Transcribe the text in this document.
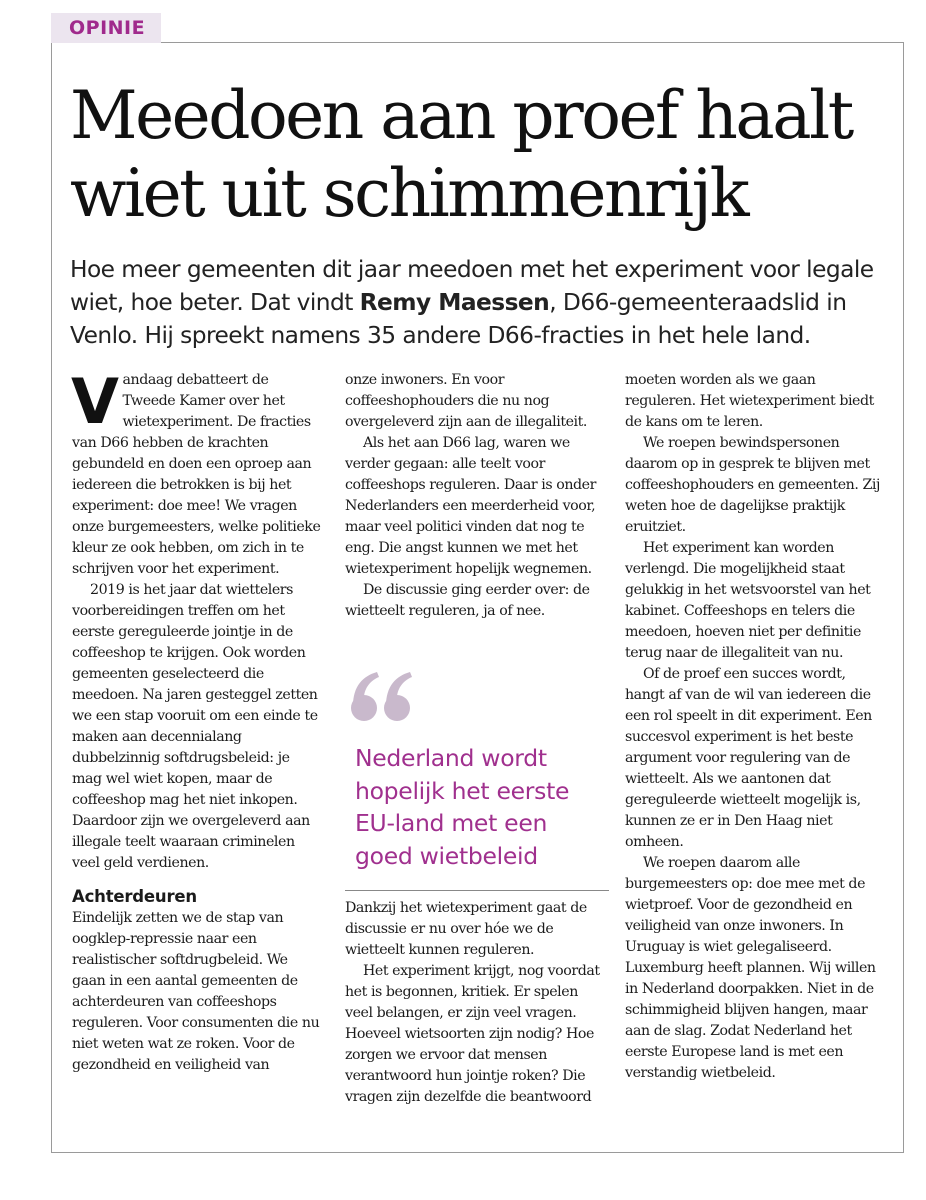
OPINIE
Meedoen aan proef haalt wiet uit schimmenrijk

Hoe meer gemeenten dit jaar meedoen met het experiment voor legale wiet, hoe beter. Dat vindt Remy Maessen, D66-gemeenteraadslid in Venlo. Hij spreekt namens 35 andere D66-fracties in het hele land.

Vandaag debatteert de Tweede Kamer over het wietexperiment. De fracties van D66 hebben de krachten gebundeld en doen een oproep aan iedereen die betrokken is bij het experiment: doe mee! We vragen onze burgemeesters, welke politieke kleur ze ook hebben, om zich in te schrijven voor het experiment.

2019 is het jaar dat wiettelers voorbereidingen treffen om het eerste gereguleerde jointje in de coffeeshop te krijgen. Ook worden gemeenten geselecteerd die meedoen. Na jaren gesteggel zetten we een stap vooruit om een einde te maken aan decennialang dubbelzinnig softdrugsbeleid: je mag wel wiet kopen, maar de coffeeshop mag het niet inkopen. Daardoor zijn we overgeleverd aan illegale teelt waaraan criminelen veel geld verdienen.

Achterdeuren

Eindelijk zetten we de stap van oogklep-repressie naar een realistischer softdrugbeleid. We gaan in een aantal gemeenten de achterdeuren van coffeeshops reguleren. Voor consumenten die nu niet weten wat ze roken. Voor de gezondheid en veiligheid van

onze inwoners. En voor coffeeshophouders die nu nog overgeleverd zijn aan de illegaliteit.

Als het aan D66 lag, waren we verder gegaan: alle teelt voor coffeeshops reguleren. Daar is onder Nederlanders een meerderheid voor, maar veel politici vinden dat nog te eng. Die angst kunnen we met het wietexperiment hopelijk wegnemen.

De discussie ging eerder over: de wietteelt reguleren, ja of nee.

Nederland wordt hopelijk het eerste EU-land met een goed wietbeleid

Dankzij het wietexperiment gaat de discussie er nu over hóe we de wietteelt kunnen reguleren.

Het experiment krijgt, nog voordat het is begonnen, kritiek. Er spelen veel belangen, er zijn veel vragen. Hoeveel wietsoorten zijn nodig? Hoe zorgen we ervoor dat mensen verantwoord hun jointje roken? Die vragen zijn dezelfde die beantwoord

moeten worden als we gaan reguleren. Het wietexperiment biedt de kans om te leren.

We roepen bewindspersonen daarom op in gesprek te blijven met coffeeshophouders en gemeenten. Zij weten hoe de dagelijkse praktijk eruitziet.

Het experiment kan worden verlengd. Die mogelijkheid staat gelukkig in het wetsvoorstel van het kabinet. Coffeeshops en telers die meedoen, hoeven niet per definitie terug naar de illegaliteit van nu.

Of de proef een succes wordt, hangt af van de wil van iedereen die een rol speelt in dit experiment. Een succesvol experiment is het beste argument voor regulering van de wietteelt. Als we aantonen dat gereguleerde wietteelt mogelijk is, kunnen ze er in Den Haag niet omheen.

We roepen daarom alle burgemeesters op: doe mee met de wietproef. Voor de gezondheid en veiligheid van onze inwoners. In Uruguay is wiet gelegaliseerd. Luxemburg heeft plannen. Wij willen in Nederland doorpakken. Niet in de schimmigheid blijven hangen, maar aan de slag. Zodat Nederland het eerste Europese land is met een verstandig wietbeleid.
